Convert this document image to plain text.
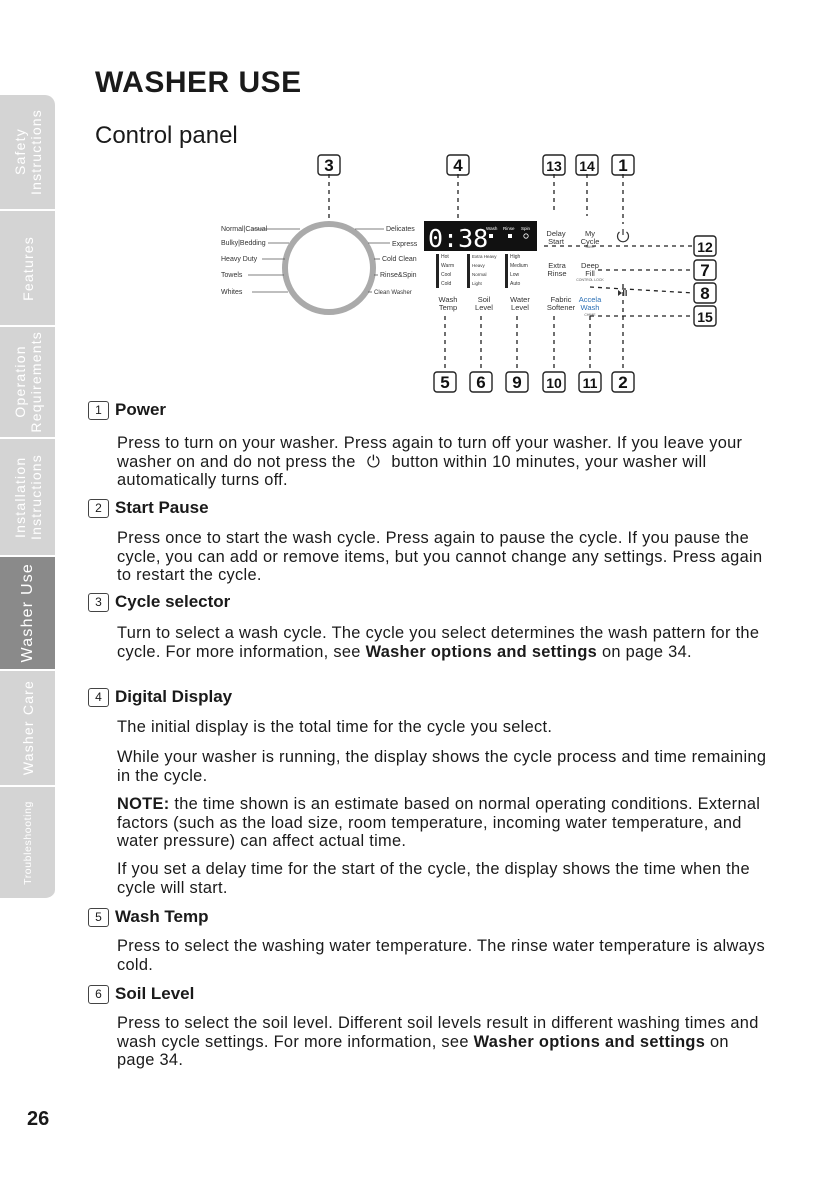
Safety
Instructions
Features
Operation
Requirements
Installation
Instructions
Washer Use
Washer Care
Troubleshooting
WASHER USE
Control panel
Normal|Casual
Bulky|Bedding
Heavy Duty
Towels
Whites
Delicates
Express
Cold Clean
Rinse&Spin
Clean Washer
0:38
Wash Rinse Spin
Hot
Warm
Cool
Cold
Extra Heavy
Heavy
Normal
Light
High
Medium
Low
Auto
Wash Temp
Soil Level
Water Level
Fabric Softener
Accela Wash
Delay Start
My Cycle
Extra Rinse
Deep Fill
SAVE
CONTROL LOCK
CHIME
3	4	13 14 1
12
7
8
15
5 6 9 10 11 2
1 Power
Press to turn on your washer. Press again to turn off your washer. If you leave your washer on and do not press the ⏻ button within 10 minutes, your washer will automatically turns off.
2 Start Pause
Press once to start the wash cycle. Press again to pause the cycle. If you pause the cycle, you can add or remove items, but you cannot change any settings. Press again to restart the cycle.
3 Cycle selector
Turn to select a wash cycle. The cycle you select determines the wash pattern for the cycle. For more information, see Washer options and settings on page 34.
4 Digital Display
The initial display is the total time for the cycle you select.
While your washer is running, the display shows the cycle process and time remaining in the cycle.
NOTE: the time shown is an estimate based on normal operating conditions. External factors (such as the load size, room temperature, incoming water temperature, and water pressure) can affect actual time.
If you set a delay time for the start of the cycle, the display shows the time when the cycle will start.
5 Wash Temp
Press to select the washing water temperature. The rinse water temperature is always cold.
6 Soil Level
Press to select the soil level. Different soil levels result in different washing times and wash cycle settings. For more information, see Washer options and settings on page 34.
26
